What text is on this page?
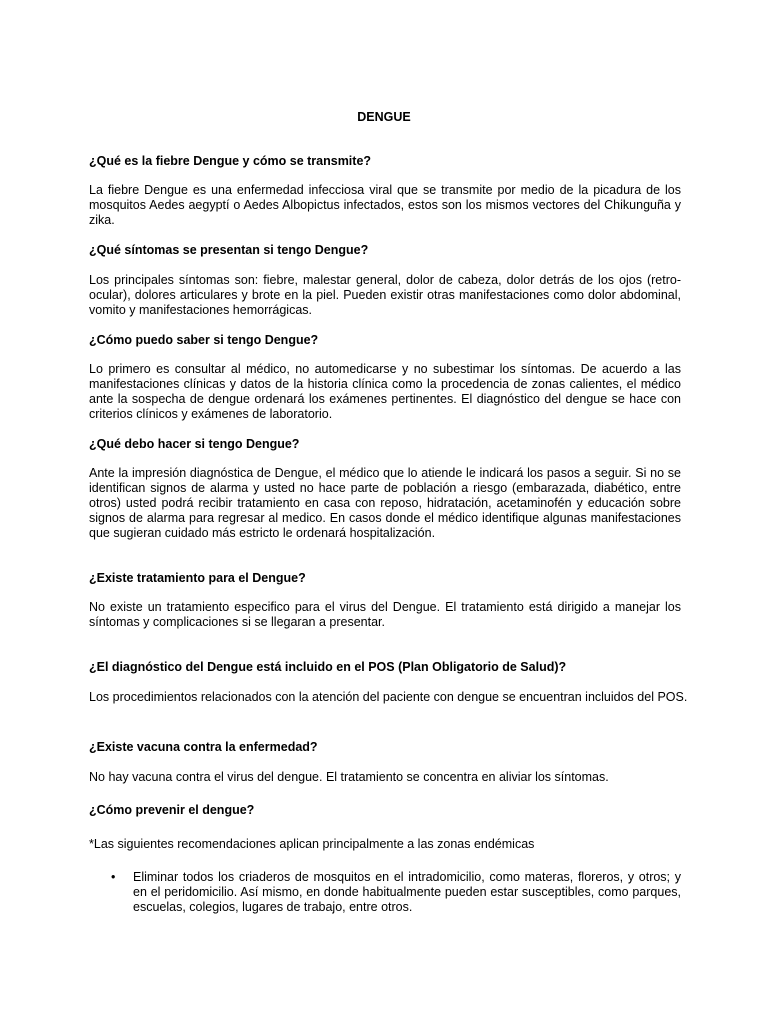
DENGUE
¿Qué es la fiebre Dengue y cómo se transmite?
La fiebre Dengue es una enfermedad infecciosa viral que se transmite por medio de la picadura de los mosquitos Aedes aegyptí o Aedes Albopictus infectados, estos son los mismos vectores del Chikunguña y zika.
¿Qué síntomas se presentan si tengo Dengue?
Los principales síntomas son: fiebre, malestar general, dolor de cabeza, dolor detrás de los ojos (retro-ocular), dolores articulares y brote en la piel. Pueden existir otras manifestaciones como dolor abdominal, vomito y manifestaciones hemorrágicas.
¿Cómo puedo saber si tengo Dengue?
Lo primero es consultar al médico, no automedicarse y no subestimar los síntomas. De acuerdo a las manifestaciones clínicas y datos de la historia clínica como la procedencia de zonas calientes, el médico ante la sospecha de dengue ordenará los exámenes pertinentes. El diagnóstico del dengue se hace con criterios clínicos y exámenes de laboratorio.
¿Qué debo hacer si tengo Dengue?
Ante la impresión diagnóstica de Dengue, el médico que lo atiende le indicará los pasos a seguir. Si no se identifican signos de alarma y usted no hace parte de población a riesgo (embarazada, diabético, entre otros) usted podrá recibir tratamiento en casa con reposo, hidratación, acetaminofén y educación sobre signos de alarma para regresar al medico. En casos donde el médico identifique algunas manifestaciones que sugieran cuidado más estricto le ordenará hospitalización.
¿Existe tratamiento para el Dengue?
No existe un tratamiento especifico para el virus del Dengue. El tratamiento está dirigido a manejar los síntomas y complicaciones si se llegaran a presentar.
¿El diagnóstico del Dengue está incluido en el POS (Plan Obligatorio de Salud)?
Los procedimientos relacionados con la atención del paciente con dengue se encuentran incluidos del POS.
¿Existe vacuna contra la enfermedad?
No hay vacuna contra el virus del dengue. El tratamiento se concentra en aliviar los síntomas.
¿Cómo prevenir el dengue?
*Las siguientes recomendaciones aplican principalmente a las zonas endémicas
• Eliminar todos los criaderos de mosquitos en el intradomicilio, como materas, floreros, y otros; y en el peridomicilio. Así mismo, en donde habitualmente pueden estar susceptibles, como parques, escuelas, colegios, lugares de trabajo, entre otros.
